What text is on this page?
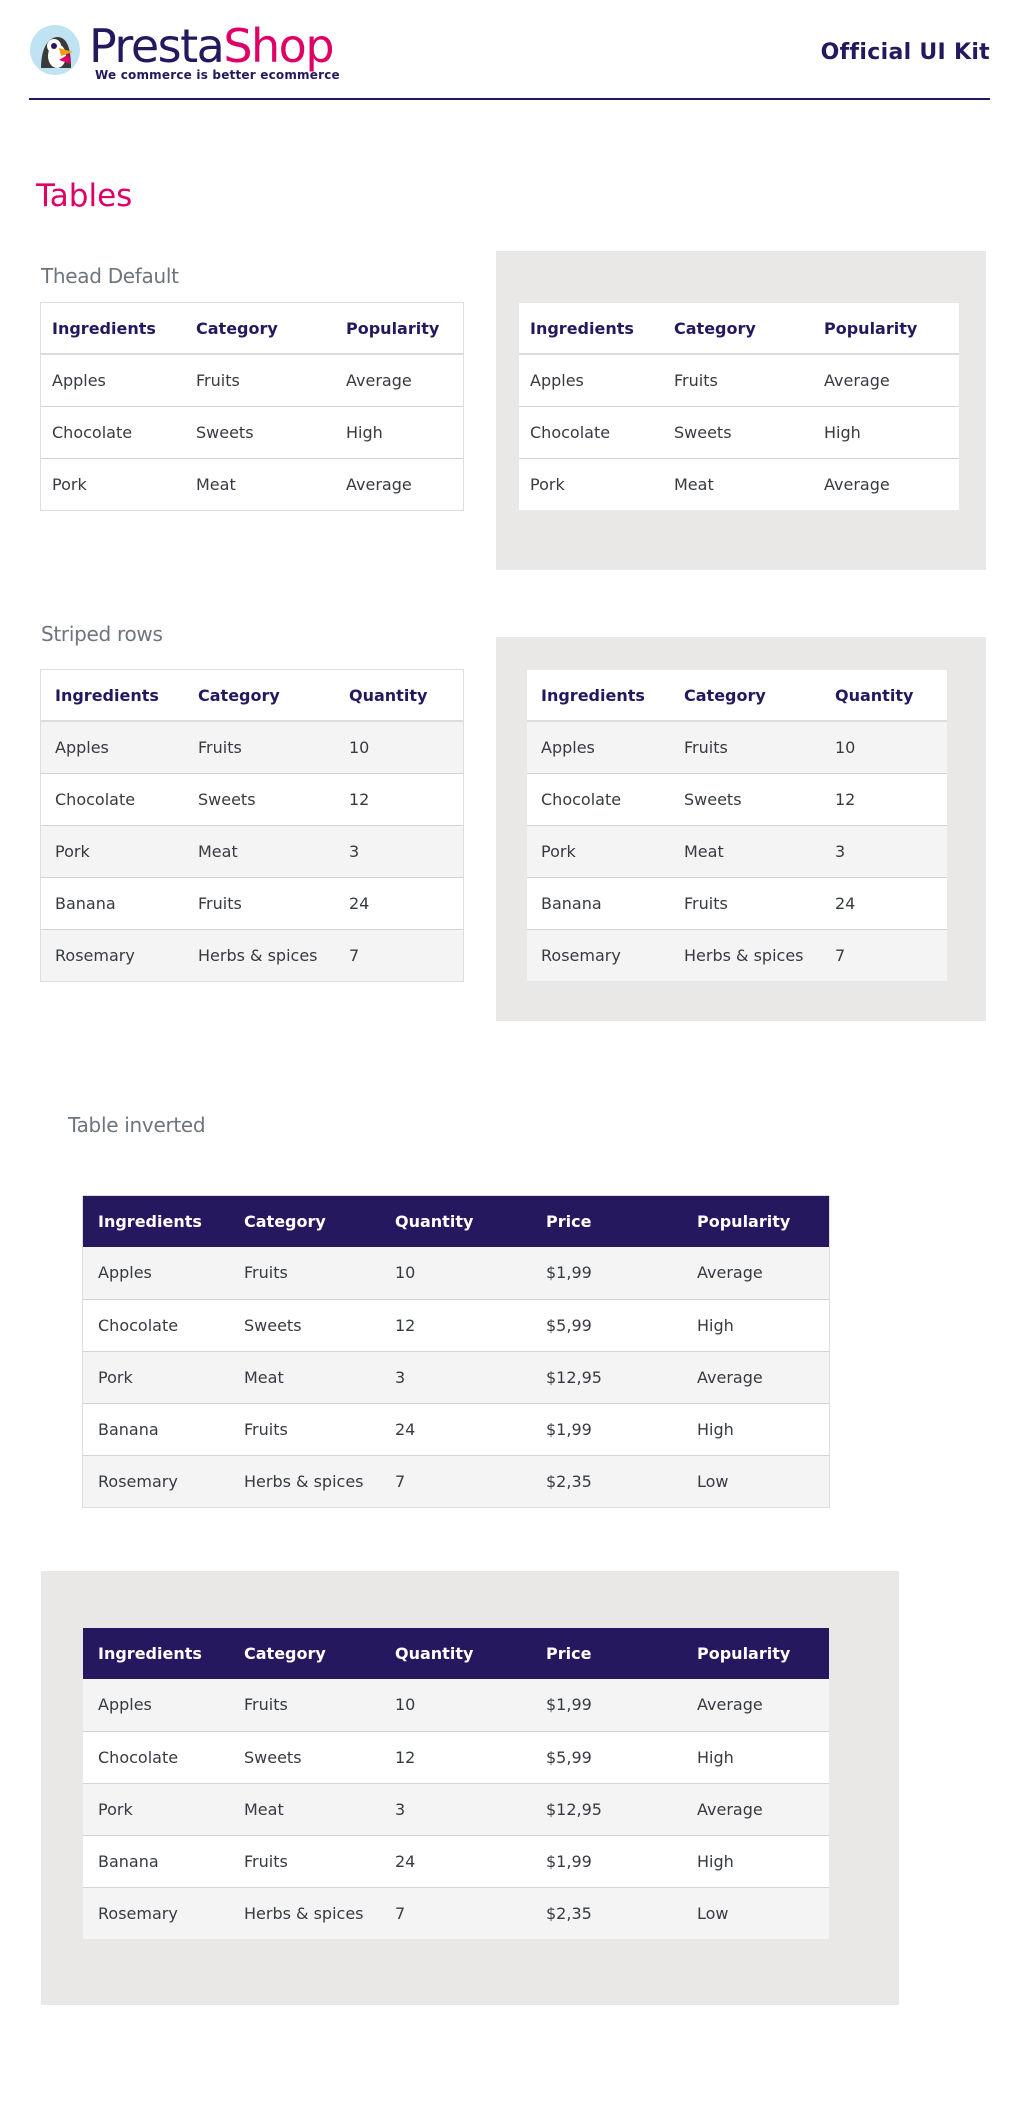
PrestaShop
We commerce is better ecommerce
Official UI Kit
Tables
Thead Default
Ingredients	Category	Popularity
Apples	Fruits	Average
Chocolate	Sweets	High
Pork	Meat	Average
Ingredients	Category	Popularity
Apples	Fruits	Average
Chocolate	Sweets	High
Pork	Meat	Average
Striped rows
Ingredients	Category	Quantity
Apples	Fruits	10
Chocolate	Sweets	12
Pork	Meat	3
Banana	Fruits	24
Rosemary	Herbs & spices	7
Ingredients	Category	Quantity
Apples	Fruits	10
Chocolate	Sweets	12
Pork	Meat	3
Banana	Fruits	24
Rosemary	Herbs & spices	7
Table inverted
Ingredients	Category	Quantity	Price	Popularity
Apples	Fruits	10	$1,99	Average
Chocolate	Sweets	12	$5,99	High
Pork	Meat	3	$12,95	Average
Banana	Fruits	24	$1,99	High
Rosemary	Herbs & spices	7	$2,35	Low
Ingredients	Category	Quantity	Price	Popularity
Apples	Fruits	10	$1,99	Average
Chocolate	Sweets	12	$5,99	High
Pork	Meat	3	$12,95	Average
Banana	Fruits	24	$1,99	High
Rosemary	Herbs & spices	7	$2,35	Low
